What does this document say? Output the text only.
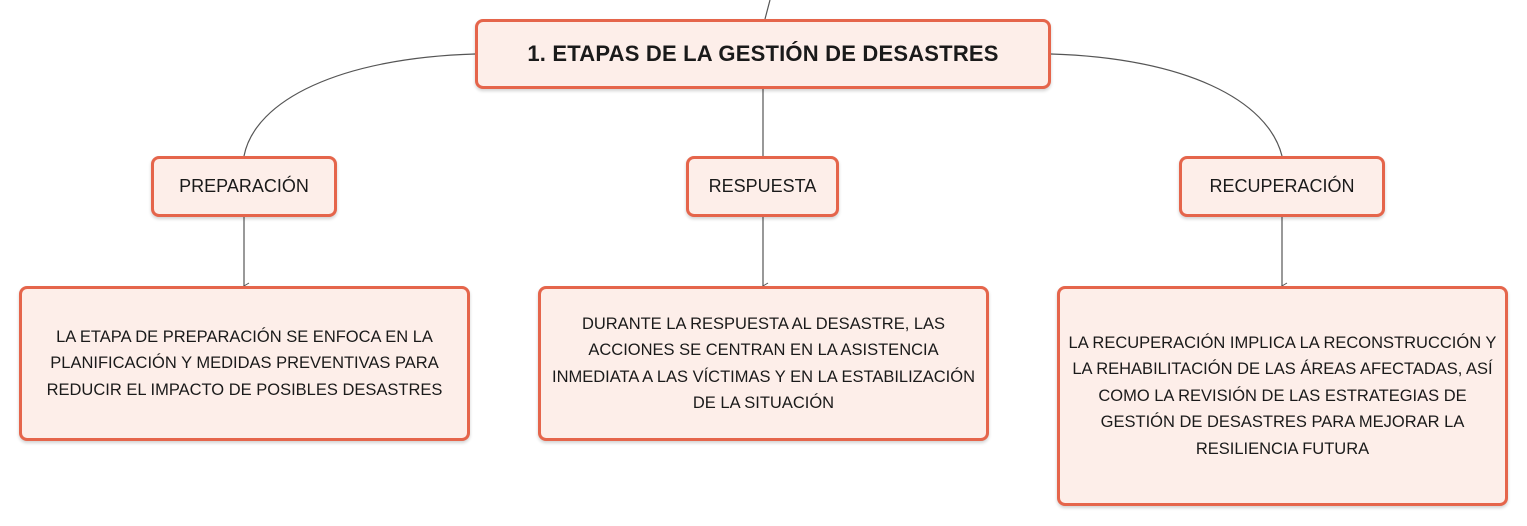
1. ETAPAS DE LA GESTIÓN DE DESASTRES
PREPARACIÓN	RESPUESTA	RECUPERACIÓN
LA ETAPA DE PREPARACIÓN SE ENFOCA EN LA PLANIFICACIÓN Y MEDIDAS PREVENTIVAS PARA REDUCIR EL IMPACTO DE POSIBLES DESASTRES
DURANTE LA RESPUESTA AL DESASTRE, LAS ACCIONES SE CENTRAN EN LA ASISTENCIA INMEDIATA A LAS VÍCTIMAS Y EN LA ESTABILIZACIÓN DE LA SITUACIÓN
LA RECUPERACIÓN IMPLICA LA RECONSTRUCCIÓN Y LA REHABILITACIÓN DE LAS ÁREAS AFECTADAS, ASÍ COMO LA REVISIÓN DE LAS ESTRATEGIAS DE GESTIÓN DE DESASTRES PARA MEJORAR LA RESILIENCIA FUTURA
